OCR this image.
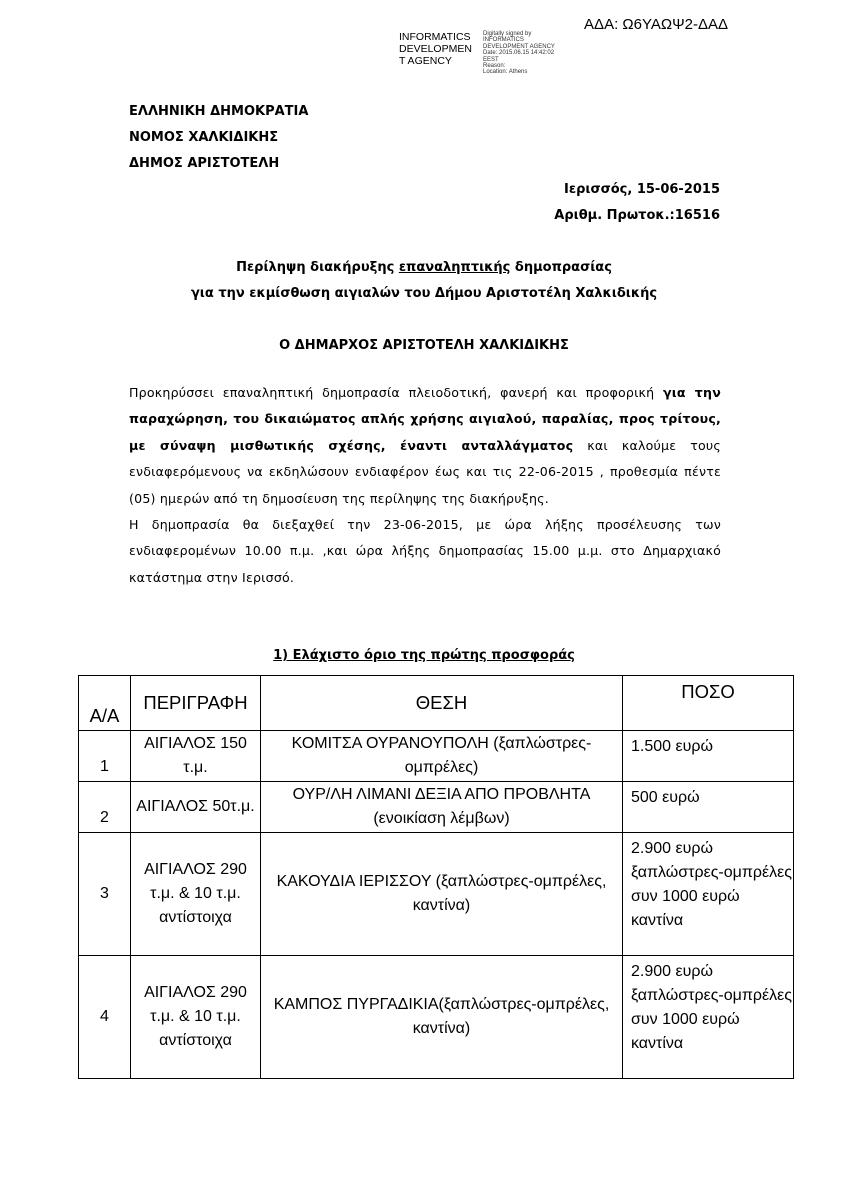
ΑΔΑ: Ω6ΥΑΩΨ2-ΔΑΔ
INFORMATICS
DEVELOPMEN
T AGENCY
Digitally signed by
INFORMATICS
DEVELOPMENT AGENCY
Date: 2015.06.15 14:42:02
EEST
Reason:
Location: Athens
ΕΛΛΗΝΙΚΗ ΔΗΜΟΚΡΑΤΙΑ
ΝΟΜΟΣ ΧΑΛΚΙΔΙΚΗΣ
ΔΗΜΟΣ ΑΡΙΣΤΟΤΕΛΗ
Ιερισσός, 15-06-2015
Αριθμ. Πρωτοκ.:16516
Περίληψη διακήρυξης επαναληπτικής δημοπρασίας
για την εκμίσθωση αιγιαλών του Δήμου Αριστοτέλη Χαλκιδικής
Ο ΔΗΜΑΡΧΟΣ ΑΡΙΣΤΟΤΕΛΗ ΧΑΛΚΙΔΙΚΗΣ

Προκηρύσσει επαναληπτική δημοπρασία πλειοδοτική, φανερή και προφορική για την παραχώρηση, του δικαιώματος απλής χρήσης αιγιαλού, παραλίας, προς τρίτους, με σύναψη μισθωτικής σχέσης, έναντι ανταλλάγματος και καλούμε τους ενδιαφερόμενους να εκδηλώσουν ενδιαφέρον έως και τις 22-06-2015 , προθεσμία πέντε (05) ημερών από τη δημοσίευση της περίληψης της διακήρυξης.

Η δημοπρασία θα διεξαχθεί την 23-06-2015, με ώρα λήξης προσέλευσης των ενδιαφερομένων 10.00 π.μ. ,και ώρα λήξης δημοπρασίας 15.00 μ.μ. στο Δημαρχιακό κατάστημα στην Ιερισσό.

1) Ελάχιστο όριο της πρώτης προσφοράς
Α/Α	ΠΕΡΙΓΡΑΦΗ	ΘΕΣΗ	ΠΟΣΟ
1	ΑΙΓΙΑΛΟΣ 150 τ.μ.	ΚΟΜΙΤΣΑ ΟΥΡΑΝΟΥΠΟΛΗ (ξαπλώστρες-ομπρέλες)	1.500 ευρώ
2	ΑΙΓΙΑΛΟΣ 50τ.μ.	ΟΥΡ/ΛΗ ΛΙΜΑΝΙ ΔΕΞΙΑ ΑΠΟ ΠΡΟΒΛΗΤΑ (ενοικίαση λέμβων)	500 ευρώ
3	ΑΙΓΙΑΛΟΣ 290 τ.μ. & 10 τ.μ. αντίστοιχα	ΚΑΚΟΥΔΙΑ ΙΕΡΙΣΣΟΥ (ξαπλώστρες-ομπρέλες, καντίνα)	2.900 ευρώ ξαπλώστρες-ομπρέλες συν 1000 ευρώ καντίνα
4	ΑΙΓΙΑΛΟΣ 290 τ.μ. & 10 τ.μ. αντίστοιχα	ΚΑΜΠΟΣ ΠΥΡΓΑΔΙΚΙΑ(ξαπλώστρες-ομπρέλες, καντίνα)	2.900 ευρώ ξαπλώστρες-ομπρέλες συν 1000 ευρώ καντίνα
